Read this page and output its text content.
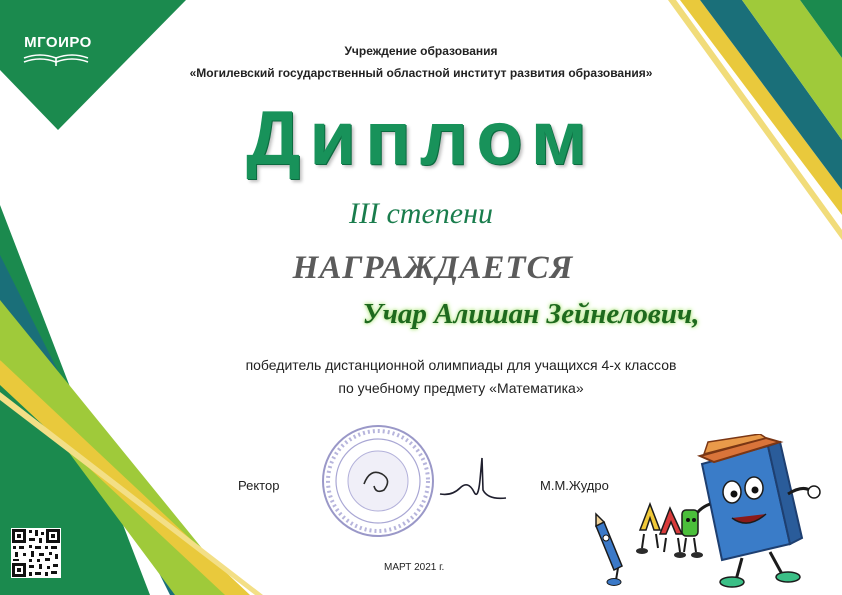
МГОИРО	Учреждение образования
«Могилевский государственный областной институт развития образования»
Диплом
III степени
НАГРАЖДАЕТСЯ
Учар Алишан Зейнелович,
победитель дистанционной олимпиады для учащихся 4-х классов
по учебному предмету «Математика»
Ректор	М.М.Жудро
МАРТ 2021 г.
